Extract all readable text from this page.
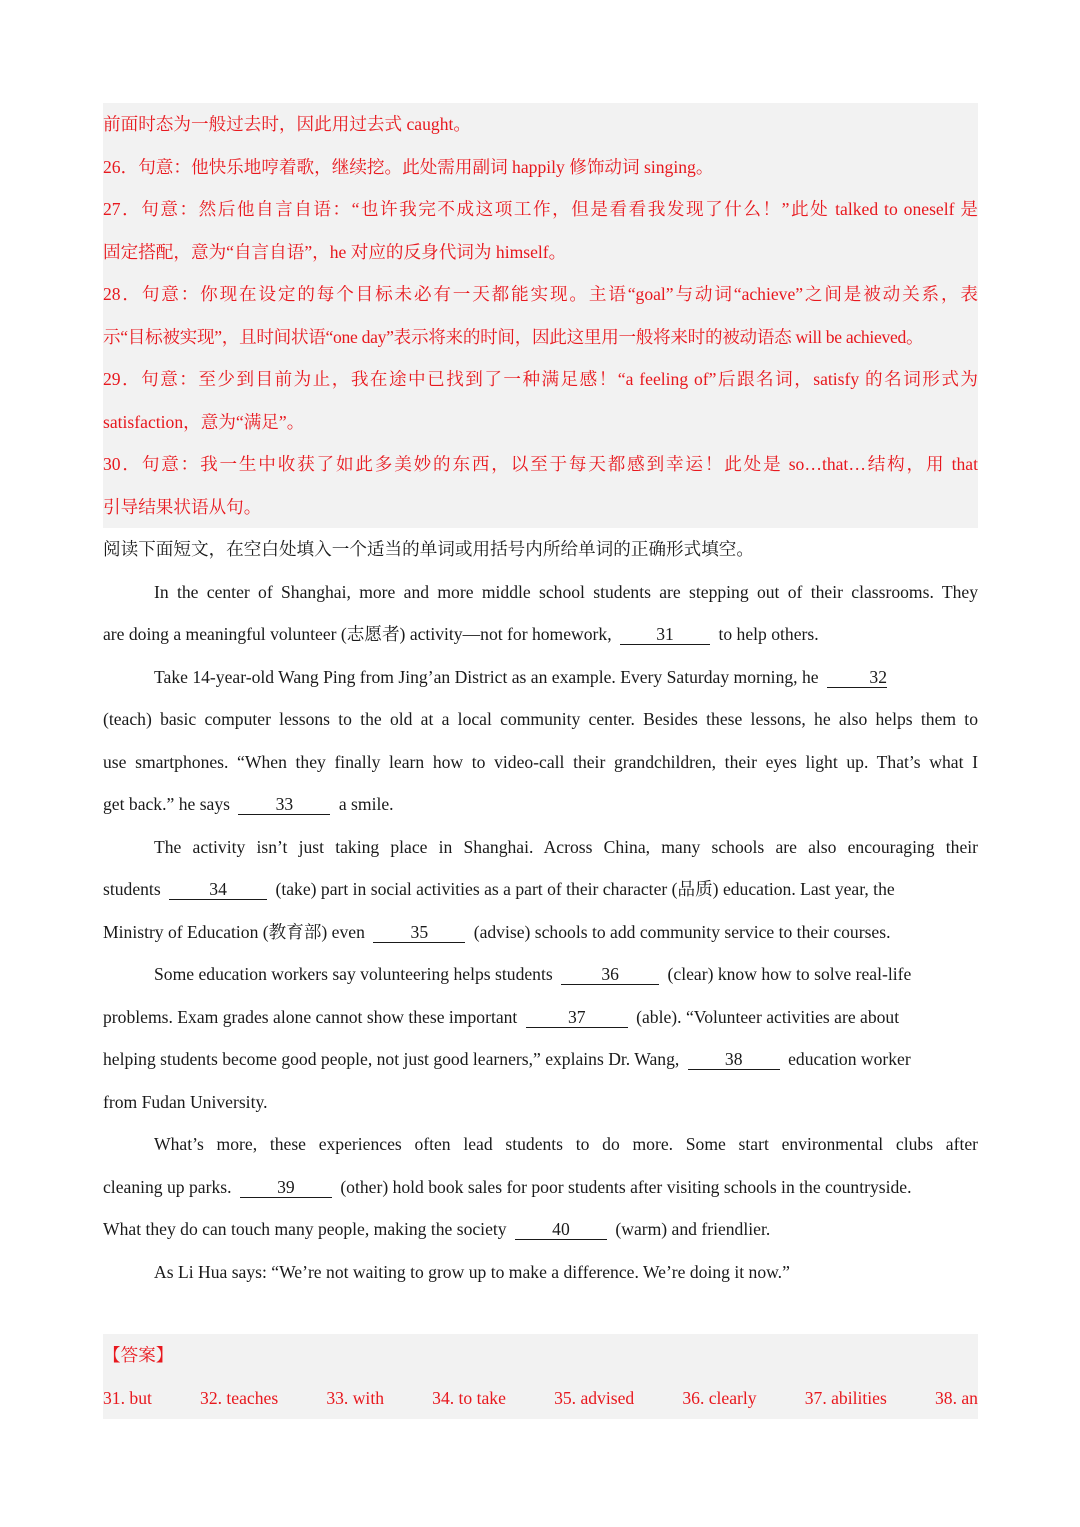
前面时态为一般过去时，因此用过去式 caught。
26．句意：他快乐地哼着歌，继续挖。此处需用副词 happily 修饰动词 singing。
27．句意：然后他自言自语：“也许我完不成这项工作，但是看看我发现了什么！”此处 talked to oneself 是
固定搭配，意为“自言自语”，he 对应的反身代词为 himself。
28．句意：你现在设定的每个目标未必有一天都能实现。主语“goal”与动词“achieve”之间是被动关系，表
示“目标被实现”，且时间状语“one day”表示将来的时间，因此这里用一般将来时的被动语态 will be achieved。
29．句意：至少到目前为止，我在途中已找到了一种满足感！“a feeling of”后跟名词，satisfy 的名词形式为
satisfaction，意为“满足”。
30．句意：我一生中收获了如此多美妙的东西，以至于每天都感到幸运！此处是 so…that…结构，用 that
引导结果状语从句。
阅读下面短文，在空白处填入一个适当的单词或用括号内所给单词的正确形式填空。
In the center of Shanghai, more and more middle school students are stepping out of their classrooms. They
are doing a meaningful volunteer (志愿者) activity—not for homework,	31	to help others.
Take 14-year-old Wang Ping from Jing’an District as an example. Every Saturday morning, he	32
(teach) basic computer lessons to the old at a local community center. Besides these lessons, he also helps them to
use smartphones. “When they finally learn how to video-call their grandchildren, their eyes light up. That’s what I
get back.” he says	33	a smile.
The activity isn’t just taking place in Shanghai. Across China, many schools are also encouraging their
students	34	(take) part in social activities as a part of their character (品质) education. Last year, the
Ministry of Education (教育部) even	35	(advise) schools to add community service to their courses.
Some education workers say volunteering helps students	36	(clear) know how to solve real-life
problems. Exam grades alone cannot show these important	37	(able). “Volunteer activities are about
helping students become good people, not just good learners,” explains Dr. Wang,	38	education worker
from Fudan University.
What’s more, these experiences often lead students to do more. Some start environmental clubs after
cleaning up parks.	39	(other) hold book sales for poor students after visiting schools in the countryside.
What they do can touch many people, making the society	40	(warm) and friendlier.
As Li Hua says: “We’re not waiting to grow up to make a difference. We’re doing it now.”
【答案】
31. but	32. teaches	33. with	34. to take	35. advised	36. clearly	37. abilities	38. an
